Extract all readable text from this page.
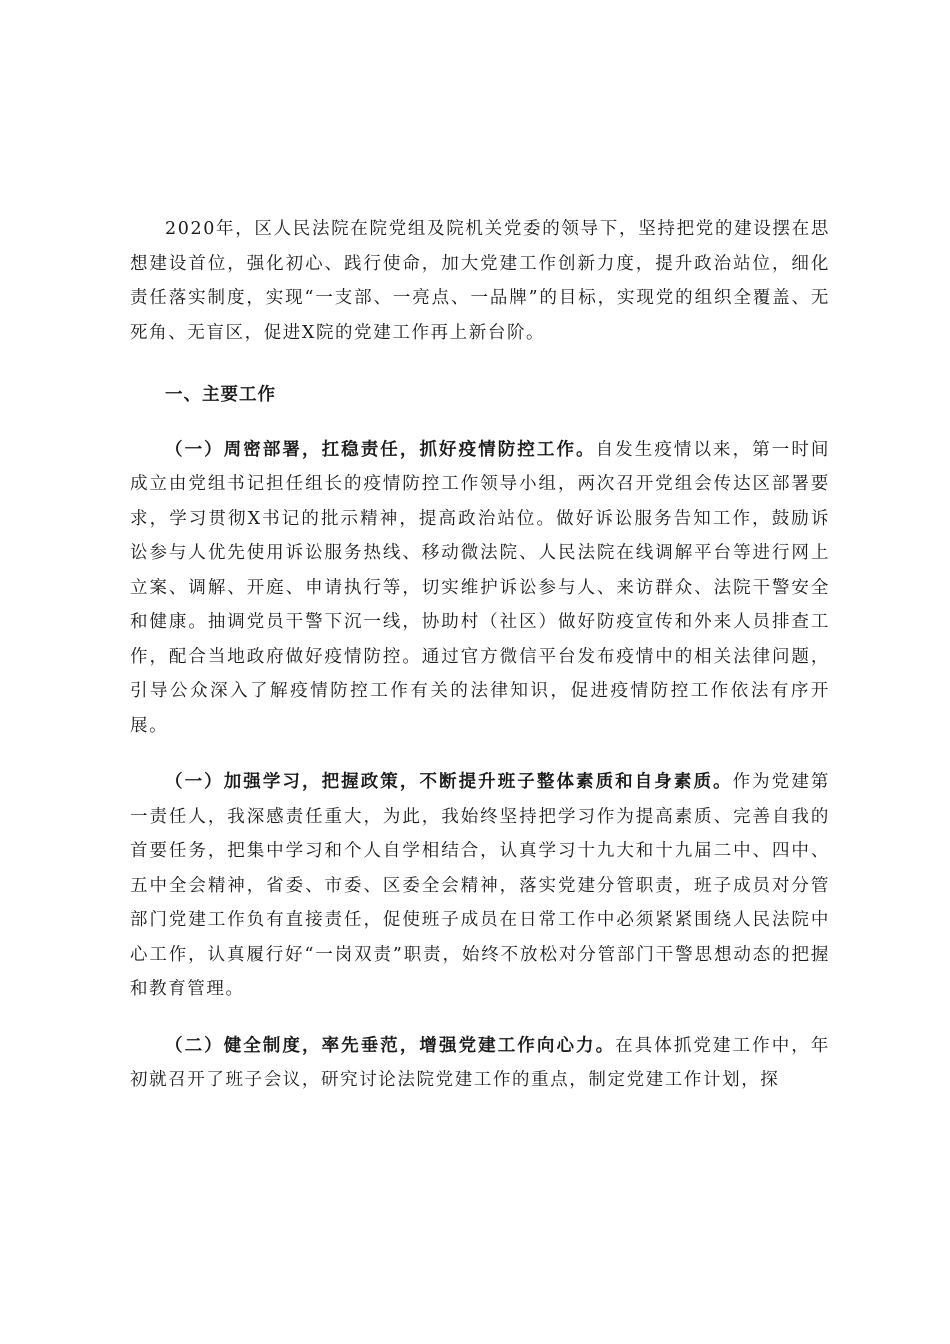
2020年，区人民法院在院党组及院机关党委的领导下，坚持把党的建设摆在思想建设首位，强化初心、践行使命，加大党建工作创新力度，提升政治站位，细化责任落实制度，实现“一支部、一亮点、一品牌”的目标，实现党的组织全覆盖、无死角、无盲区，促进X院的党建工作再上新台阶。

一、主要工作

（一）周密部署，扛稳责任，抓好疫情防控工作。自发生疫情以来，第一时间成立由党组书记担任组长的疫情防控工作领导小组，两次召开党组会传达区部署要求，学习贯彻X书记的批示精神，提高政治站位。做好诉讼服务告知工作，鼓励诉讼参与人优先使用诉讼服务热线、移动微法院、人民法院在线调解平台等进行网上立案、调解、开庭、申请执行等，切实维护诉讼参与人、来访群众、法院干警安全和健康。抽调党员干警下沉一线，协助村（社区）做好防疫宣传和外来人员排查工作，配合当地政府做好疫情防控。通过官方微信平台发布疫情中的相关法律问题，引导公众深入了解疫情防控工作有关的法律知识，促进疫情防控工作依法有序开展。

（一）加强学习，把握政策，不断提升班子整体素质和自身素质。作为党建第一责任人，我深感责任重大，为此，我始终坚持把学习作为提高素质、完善自我的首要任务，把集中学习和个人自学相结合，认真学习十九大和十九届二中、四中、五中全会精神，省委、市委、区委全会精神，落实党建分管职责，班子成员对分管部门党建工作负有直接责任，促使班子成员在日常工作中必须紧紧围绕人民法院中心工作，认真履行好“一岗双责”职责，始终不放松对分管部门干警思想动态的把握和教育管理。

（二）健全制度，率先垂范，增强党建工作向心力。在具体抓党建工作中，年初就召开了班子会议，研究讨论法院党建工作的重点，制定党建工作计划，探
